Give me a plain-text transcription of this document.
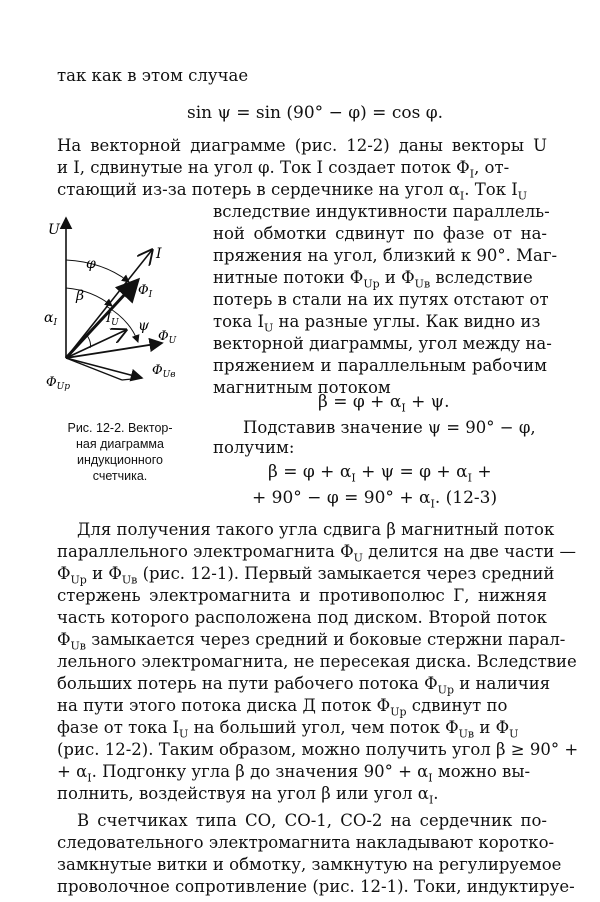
так как в этом случае
sin ψ = sin (90° − φ) = cos φ.
На векторной диаграмме (рис. 12-2) даны векторы U
и I, сдвинутые на угол φ. Ток I создает поток $\Phi_I$, от-
стающий из-за потерь в сердечнике на угол $\alpha_I$. Ток $I_U$
вследствие индуктивности параллель-
ной обмотки сдвинут по фазе от на-
пряжения на угол, близкий к 90°. Маг-
нитные потоки $\Phi_{Up}$ и $\Phi_{Uв}$ вследствие
потерь в стали на их путях отстают от
тока $I_U$ на разные углы. Как видно из
векторной диаграммы, угол между на-
пряжением и параллельным рабочим
магнитным потоком
$\beta = \varphi + \alpha_I + \psi$.
Подставив значение ψ = 90° − φ,
получим:
$\beta = \varphi + \alpha_I + \psi = \varphi + \alpha_I$ +
+ $90^\circ - \varphi = 90^\circ + \alpha_I$. (12-3)
U
I
φ
β
$\alpha_I$
$\Phi_I$
$I_U$ ψ
$\Phi_U$
$\Phi_{Uв}$
$\Phi_{Up}$
Рис. 12-2. Вектор-
ная диаграмма
индукционного
счетчика.
Для получения такого угла сдвига β магнитный поток
параллельного электромагнита $\Phi_U$ делится на две части —
$\Phi_{Up}$ и $\Phi_{Uв}$ (рис. 12-1). Первый замыкается через средний
стержень электромагнита и противополюс Г, нижняя
часть которого расположена под диском. Второй поток
$\Phi_{Uв}$ замыкается через средний и боковые стержни парал-
лельного электромагнита, не пересекая диска. Вследствие
больших потерь на пути рабочего потока $\Phi_{Up}$ и наличия
на пути этого потока диска Д поток $\Phi_{Up}$ сдвинут по
фазе от тока $I_U$ на больший угол, чем поток $\Phi_{Uв}$ и $\Phi_U$
(рис. 12-2). Таким образом, можно получить угол β ≥ 90° +
+ $\alpha_I$. Подгонку угла β до значения $90^\circ + \alpha_I$ можно вы-
полнить, воздействуя на угол β или угол $\alpha_I$.
В счетчиках типа СО, СО-1, СО-2 на сердечник по-
следовательного электромагнита накладывают коротко-
замкнутые витки и обмотку, замкнутую на регулируемое
проволочное сопротивление (рис. 12-1). Токи, индуктируе-
